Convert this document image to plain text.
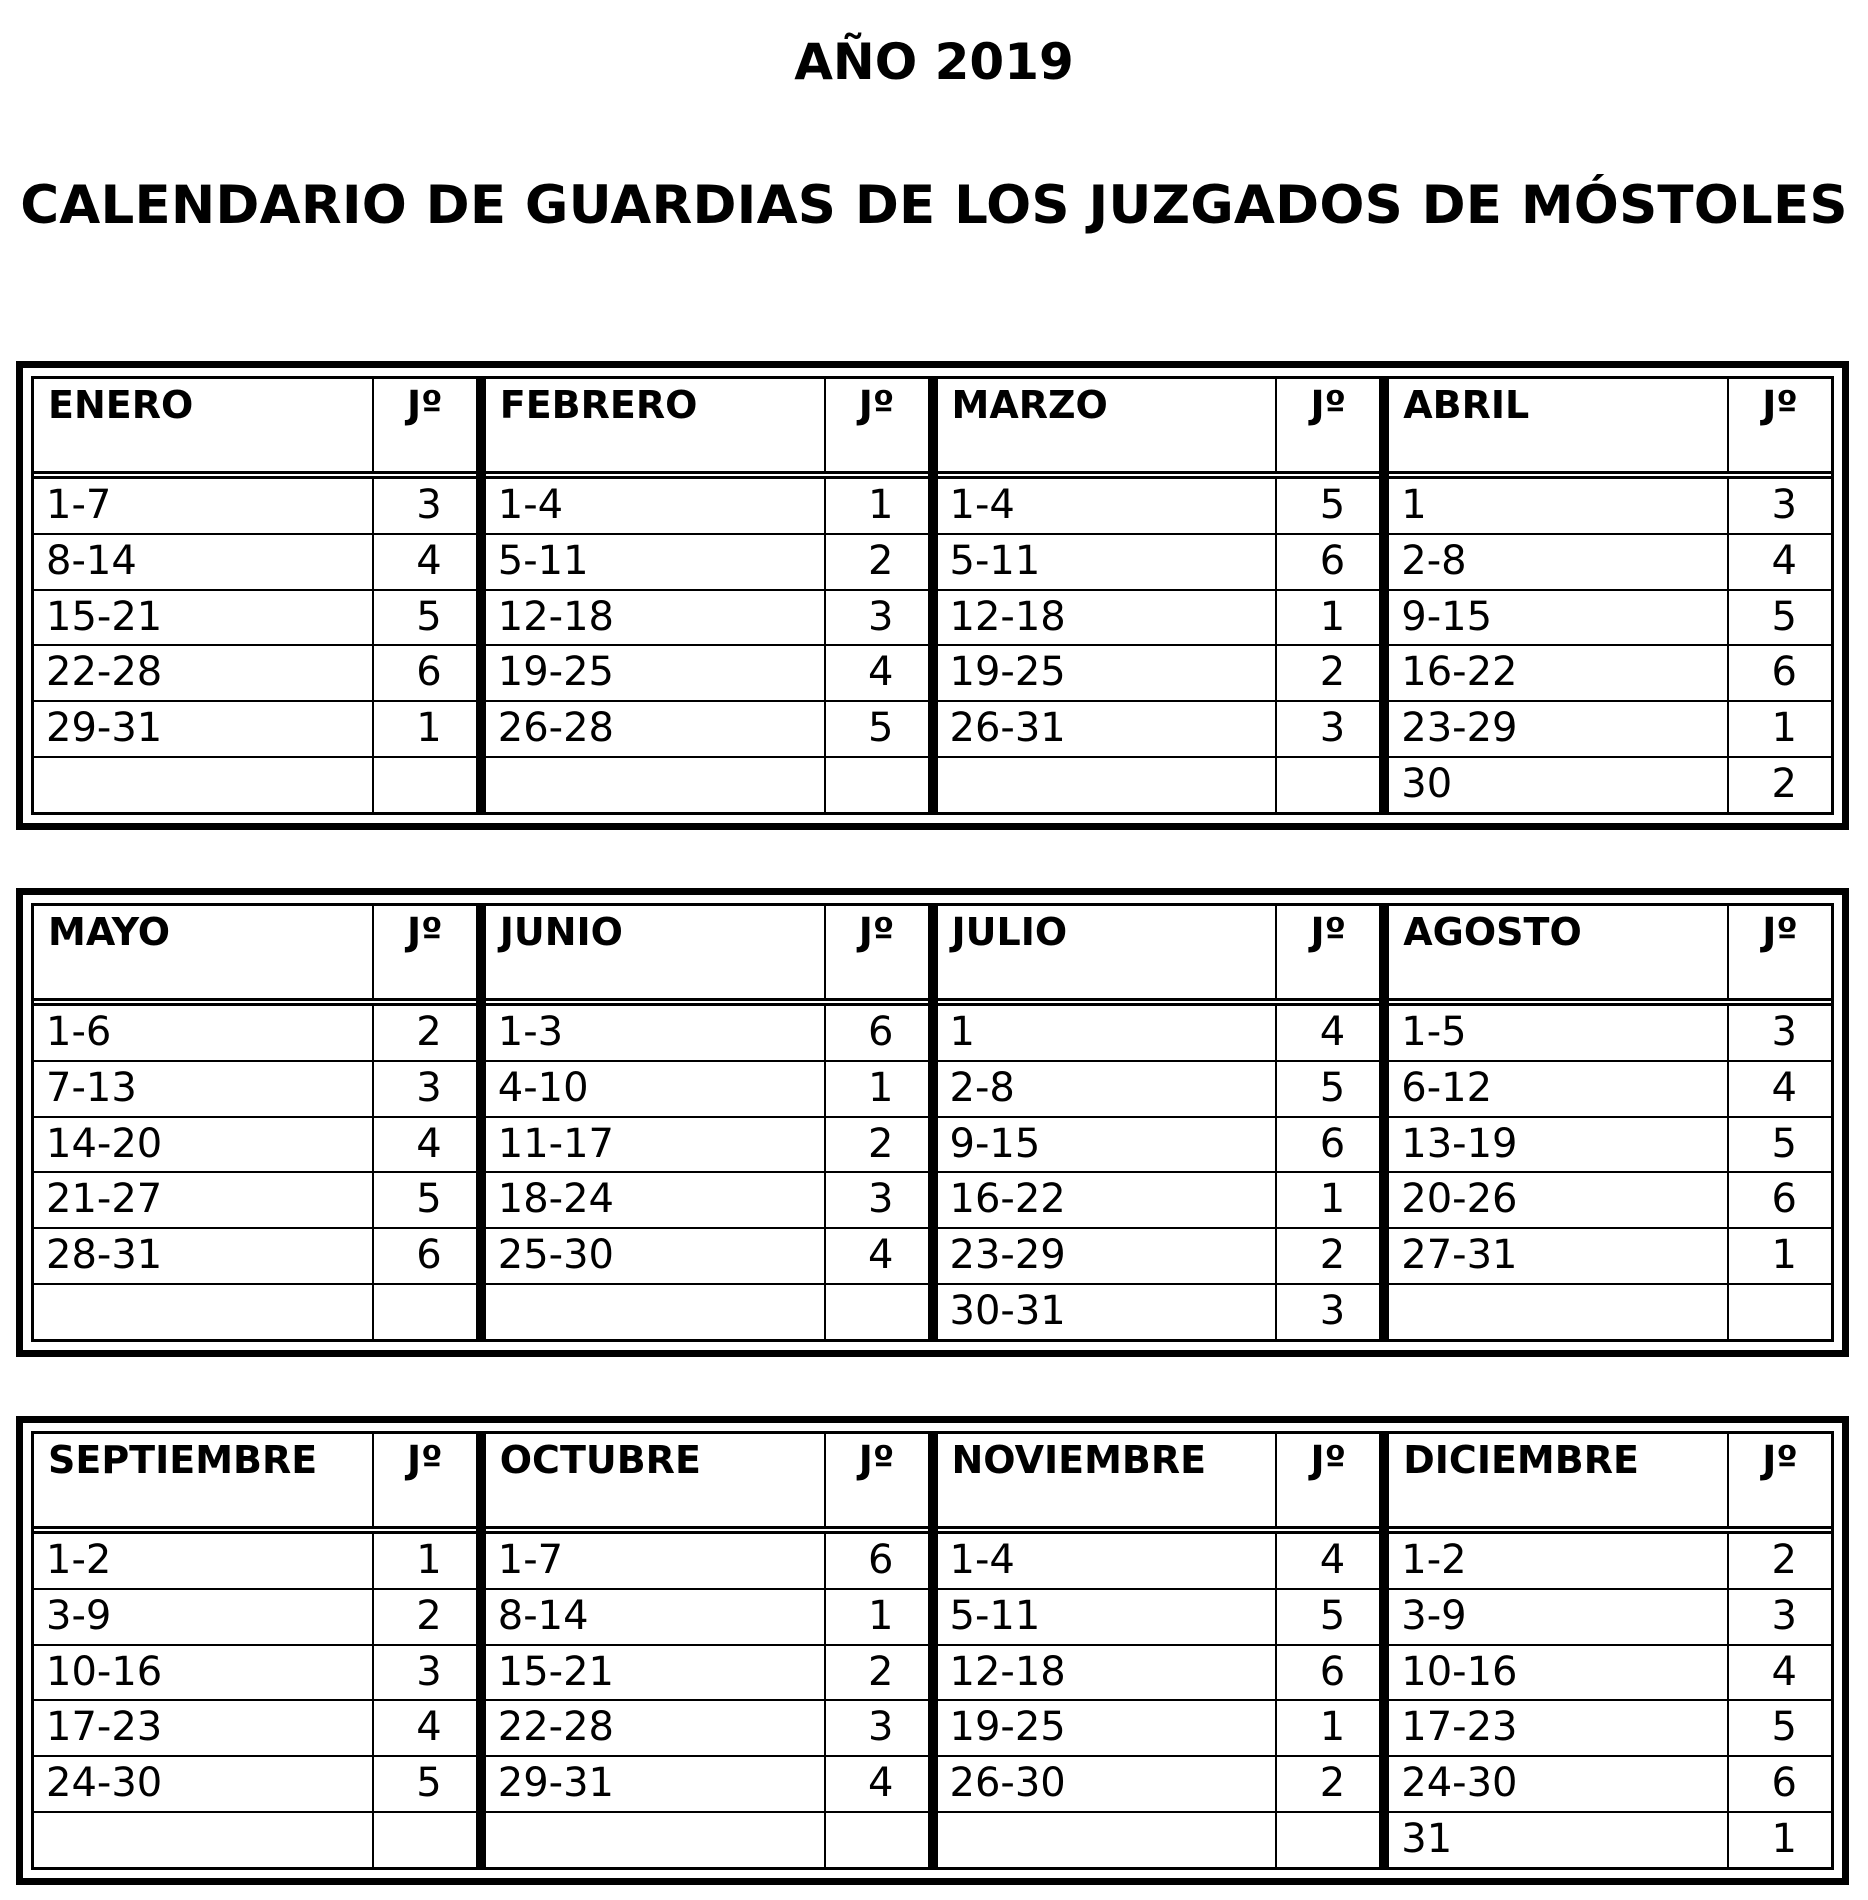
AÑO 2019
CALENDARIO DE GUARDIAS DE LOS JUZGADOS DE MÓSTOLES
ENERO	Jº
1-7	3
8-14	4
15-21	5
22-28	6
29-31	1
FEBRERO	Jº
1-4	1
5-11	2
12-18	3
19-25	4
26-28	5
MARZO	Jº
1-4	5
5-11	6
12-18	1
19-25	2
26-31	3
ABRIL	Jº
1	3
2-8	4
9-15	5
16-22	6
23-29	1
30	2
MAYO	Jº
1-6	2
7-13	3
14-20	4
21-27	5
28-31	6
JUNIO	Jº
1-3	6
4-10	1
11-17	2
18-24	3
25-30	4
JULIO	Jº
1	4
2-8	5
9-15	6
16-22	1
23-29	2
30-31	3
AGOSTO	Jº
1-5	3
6-12	4
13-19	5
20-26	6
27-31	1
SEPTIEMBRE	Jº
1-2	1
3-9	2
10-16	3
17-23	4
24-30	5
OCTUBRE	Jº
1-7	6
8-14	1
15-21	2
22-28	3
29-31	4
NOVIEMBRE	Jº
1-4	4
5-11	5
12-18	6
19-25	1
26-30	2
DICIEMBRE	Jº
1-2	2
3-9	3
10-16	4
17-23	5
24-30	6
31	1
